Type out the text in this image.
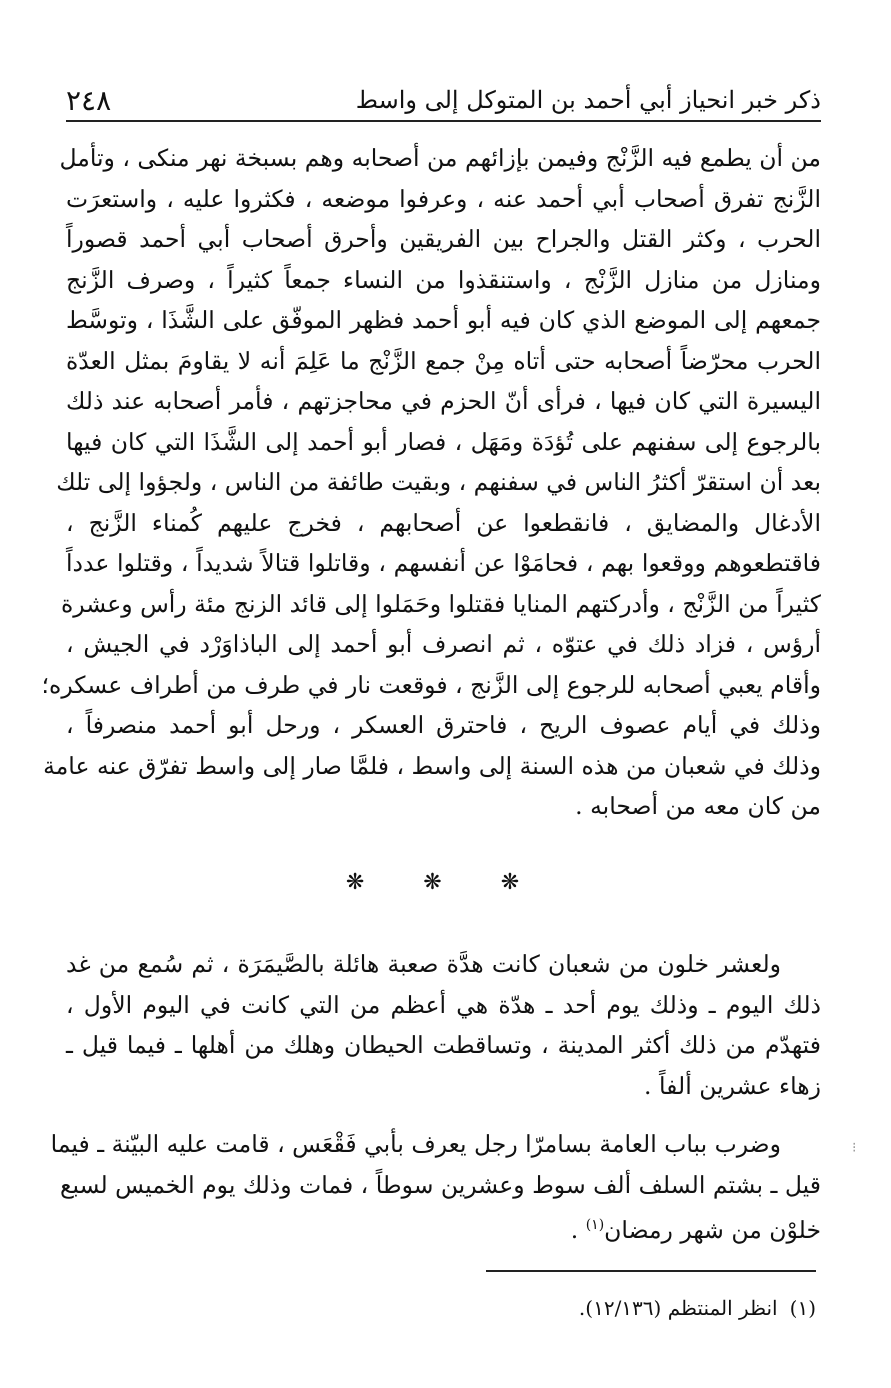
ذكر خبر انحياز أبي أحمد بن المتوكل إلى واسط
٢٤٨
من أن يطمع فيه الزَّنْج وفيمن بإزائهم من أصحابه وهم بسبخة نهر منكى ، وتأمل
الزَّنج تفرق أصحاب أبي أحمد عنه ، وعرفوا موضعه ، فكثروا عليه ، واستعرَت
الحرب ، وكثر القتل والجراح بين الفريقين وأحرق أصحاب أبي أحمد قصوراً
ومنازل من منازل الزَّنْج ، واستنقذوا من النساء جمعاً كثيراً ، وصرف الزَّنج
جمعهم إلى الموضع الذي كان فيه أبو أحمد فظهر الموفّق على الشَّذَا ، وتوسَّط
الحرب محرّضاً أصحابه حتى أتاه مِنْ جمع الزَّنْج ما عَلِمَ أنه لا يقاومَ بمثل العدّة
اليسيرة التي كان فيها ، فرأى أنّ الحزم في محاجزتهم ، فأمر أصحابه عند ذلك
بالرجوع إلى سفنهم على تُؤدَة ومَهَل ، فصار أبو أحمد إلى الشَّذَا التي كان فيها
بعد أن استقرّ أكثرُ الناس في سفنهم ، وبقيت طائفة من الناس ، ولجؤوا إلى تلك
الأدغال والمضايق ، فانقطعوا عن أصحابهم ، فخرج عليهم كُمناء الزَّنج ،
فاقتطعوهم ووقعوا بهم ، فحامَوْا عن أنفسهم ، وقاتلوا قتالاً شديداً ، وقتلوا عدداً
كثيراً من الزَّنْج ، وأدركتهم المنايا فقتلوا وحَمَلوا إلى قائد الزنج مئة رأس وعشرة
أرؤس ، فزاد ذلك في عتوّه ، ثم انصرف أبو أحمد إلى الباذاوَرْد في الجيش ،
وأقام يعبي أصحابه للرجوع إلى الزَّنج ، فوقعت نار في طرف من أطراف عسكره؛
وذلك في أيام عصوف الريح ، فاحترق العسكر ، ورحل أبو أحمد منصرفاً ،
وذلك في شعبان من هذه السنة إلى واسط ، فلمَّا صار إلى واسط تفرّق عنه عامة
من كان معه من أصحابه .
❋ ❋ ❋
ولعشر خلون من شعبان كانت هدَّة صعبة هائلة بالصَّيمَرَة ، ثم سُمع من غد
ذلك اليوم ـ وذلك يوم أحد ـ هدّة هي أعظم من التي كانت في اليوم الأول ،
فتهدّم من ذلك أكثر المدينة ، وتساقطت الحيطان وهلك من أهلها ـ فيما قيل ـ
زهاء عشرين ألفاً .
وضرب بباب العامة بسامرّا رجل يعرف بأبي فَقْعَس ، قامت عليه البيّنة ـ فيما
قيل ـ بشتم السلف ألف سوط وعشرين سوطاً ، فمات وذلك يوم الخميس لسبع
خلوْن من شهر رمضان$^{(١)}$ .
(١)
انظر المنتظم (١٢/١٣٦).
⁝
